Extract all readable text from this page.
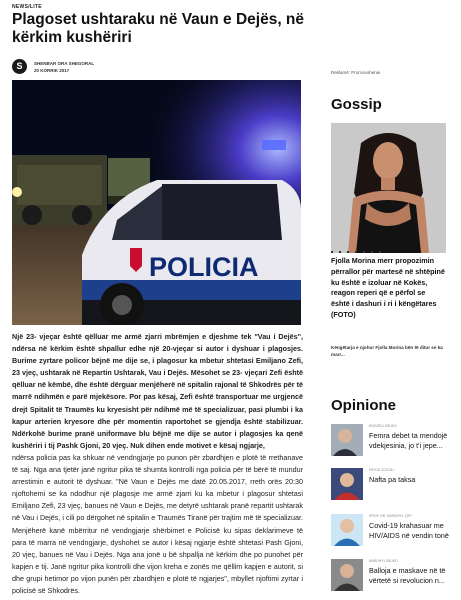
NEWS/LITE
Plagoset ushtaraku në Vaun e Dejës, në kërkim kushëriri
S	SHENBAR ORA SHEGORAL
20 KORRIK 2017
POLICIA

Një 23- vjeçar është qëlluar me armë zjarri mbrëmjen e djeshme tek "Vau i Dejës", ndërsa në kërkim është shpallur edhe një 20-vjeçar si autor i dyshuar i plagosjes. Burime zyrtare policor bëjnë me dije se, i plagosur ka mbetur shtetasi Emiljano Zefi, 23 vjeç, ushtarak në Repartin Ushtarak, Vau i Dejës. Mësohet se 23- vjeçari Zefi është qëlluar në këmbë, dhe është dërguar menjëherë në spitalin rajonal të Shkodrës për të marrë ndihmën e parë mjekësore. Por pas kësaj, Zefi është transportuar me urgjencë drejt Spitalit të Traumës ku kryesisht për ndihmë më të specializuar, pasi plumbi i ka kapur arterien kryesore dhe për momentin raportohet se gjendja është stabilizuar. Ndërkohë burime pranë uniformave blu bëjnë me dije se autor i plagosjes ka qenë kushëriri i tij Pashk Gjoni, 20 vjeç. Nuk dihen ende motivet e kësaj ngjarje,

ndërsa policia pas ka shkuar në vendngjarje po punon për zbardhjen e plotë të rrethanave të saj. Nga ana tjetër janë ngritur pika të shumta kontrolli nga policia për të bërë të mundur arrestimin e autorit të dyshuar. "Në Vaun e Dejës me datë 20.05.2017, rreth orës 20:30 njoftohemi se ka ndodhur një plagosje me armë zjarri ku ka mbetur i plagosur shtetasi Emiljano Zefi, 23 vjeç, banues në Vaun e Dejës, me detyrë ushtarak pranë repartit ushtarak në Vau i Dejës, i cili po dërgohet në spitalin e Traumës Tiranë për trajtim më të specializuar. Menjëherë kanë mbërritur në vendngjarje shërbimet e Policisë ku sipas deklarimeve të para të marra në vendngjarje, dyshohet se autor i kësaj ngjarje është shtetasi Pash Gjoni, 20 vjeç, banues në Vau i Dejës. Nga ana jonë u bë shpallja në kërkim dhe po punohet për kapjen e tij. Janë ngritur pika kontrolli dhe vijon kreha e zonës me qëllim kapjen e autorit, si dhe grupi hetimor po vijon punën për zbardhjen e plotë të ngjarjes", mbyllet njoftimi zyrtar i policisë së Shkodrës.

Reklamë: Promovohenie
Gossip
Fjolla Morina merr propozimin përrallor për martesë në shtëpinë ku është e izoluar në Kokës, reagon reperi që e përfol se është i dashuri i ri i këngëtares (FOTO)
Këngëtarja e njohur Fjolla Morina bën të ditur se ka marr...
Opinione
ENGJËLL BEJKO
Femra debet ta mendojë vdekjesinia, jo t'i jepe...
FATOS ZOGOLI
Nafta pa taksa
PROF. DR. BARDHYL ÇIPI
Covid-19 krahasuar me HIV/AIDS në vendin tonë
BARDHYL BEJKO
Balloja e maskave në të vërtetë si revolucion n...
